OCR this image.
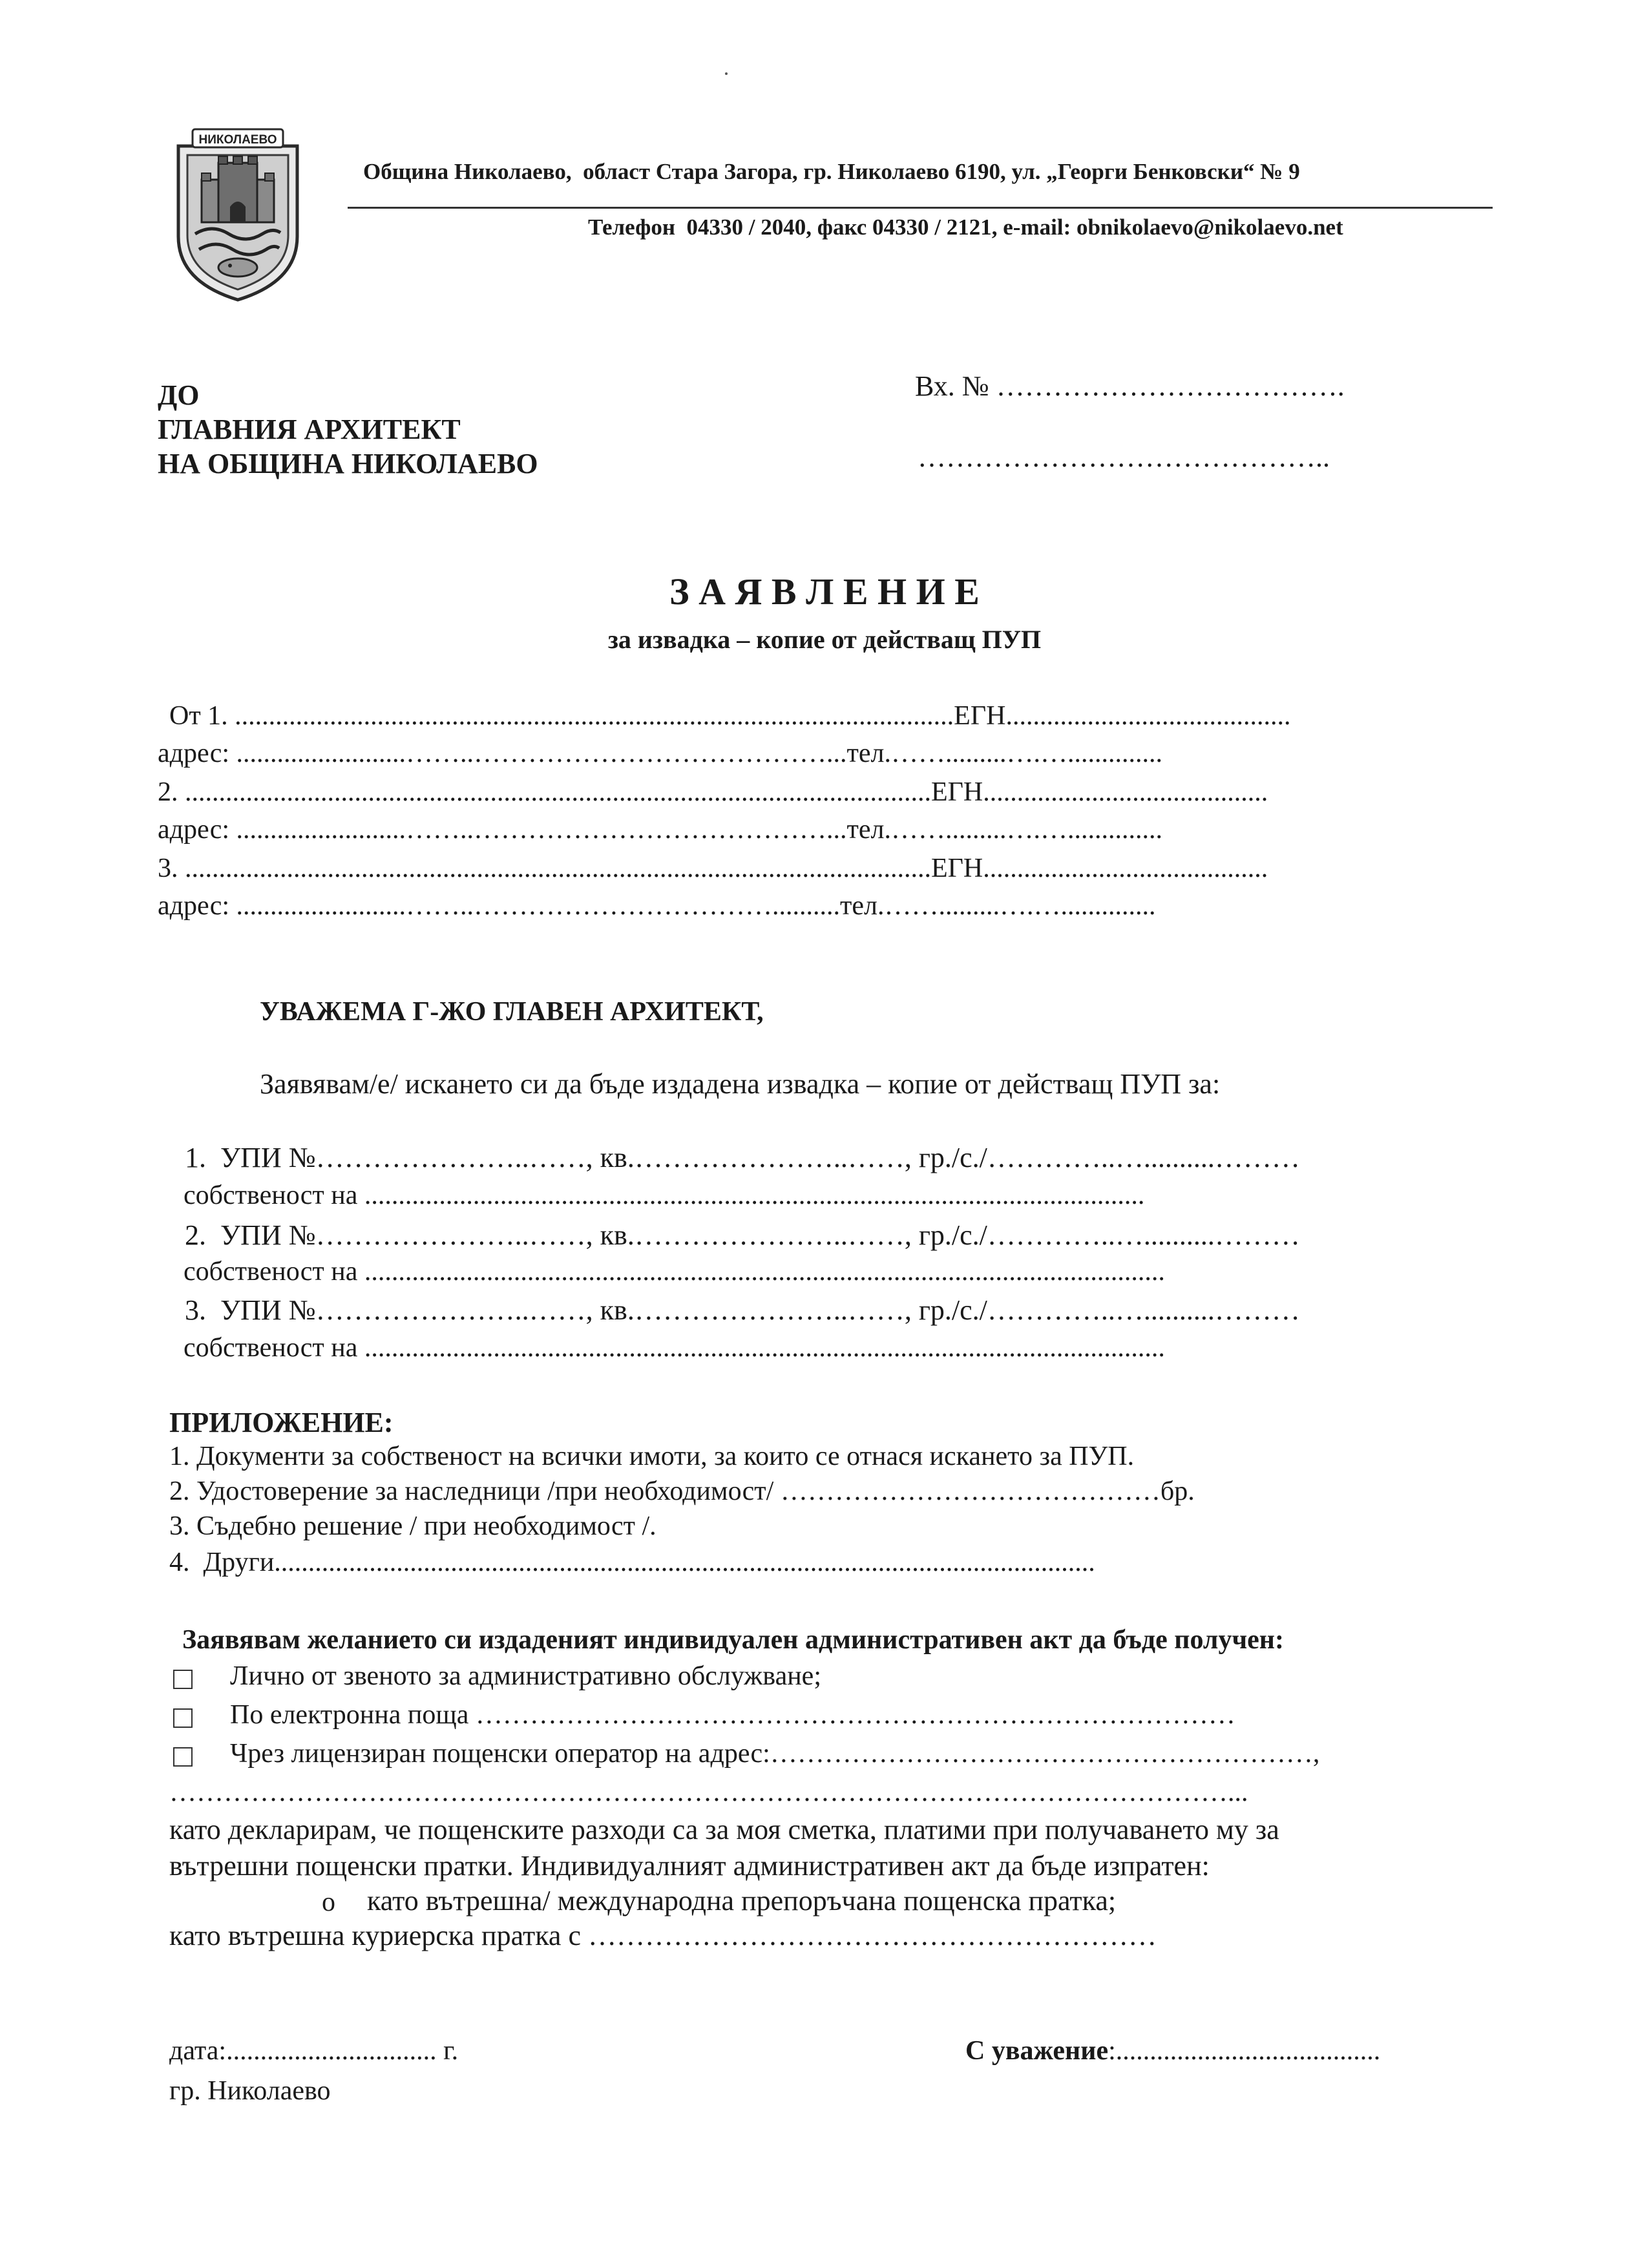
НИКОЛАЕВО
Община Николаево,  област Стара Загора, гр. Николаево 6190, ул. „Георги Бенковски“ № 9
Телефон  04330 / 2040, факс 04330 / 2121, e-mail: obnikolaevo@nikolaevo.net
ДО
ГЛАВНИЯ АРХИТЕКТ
НА ОБЩИНА НИКОЛАЕВО
Вх. № ……………………………….
……………………………………..
З А Я В Л Е Н И Е
за извадка – копие от действащ ПУП
От 1. ..........................................................................................................ЕГН..........................................
адрес: .........................……..…………………………………...тел.…….........….…..............
2. ..............................................................................................................ЕГН..........................................
адрес: .........................……..…………………………………...тел.…….........….…..............
3. ..............................................................................................................ЕГН..........................................
адрес: .........................……..……………………………..........тел.…….........….…..............
УВАЖЕМА Г-ЖО ГЛАВЕН АРХИТЕКТ,
Заявявам/е/ искането си да бъде издадена извадка – копие от действащ ПУП за:
1.  УПИ №…………………..……, кв.…………………..……, гр./с./…………..…..........………
собственост на ...................................................................................................................
2.  УПИ №…………………..……, кв.…………………..……, гр./с./…………..…..........………
собственост на ......................................................................................................................
3.  УПИ №…………………..……, кв.…………………..……, гр./с./…………..…..........………
собственост на ......................................................................................................................
ПРИЛОЖЕНИЕ:
1. Документи за собственост на всички имоти, за които се отнася искането за ПУП.
2. Удостоверение за наследници /при необходимост/ ……………………………………бр.
3. Съдебно решение / при необходимост /.
4.  Други.........................................................................................................................
Заявявам желанието си издаденият индивидуален административен акт да бъде получен:
Лично от звеното за административно обслужване;
По електронна поща …………………………………………………………………………
Чрез лицензиран пощенски оператор на адрес:……………………………………………………,
………………………………………………………………………………………………………...
като декларирам, че пощенските разходи са за моя сметка, платими при получаването му за
вътрешни пощенски пратки. Индивидуалният административен акт да бъде изпратен:
o като вътрешна/ международна препоръчана пощенска пратка;
като вътрешна куриерска пратка с ……………………………………………………
дата:............................... г.
гр. Николаево
С уважение:.......................................
